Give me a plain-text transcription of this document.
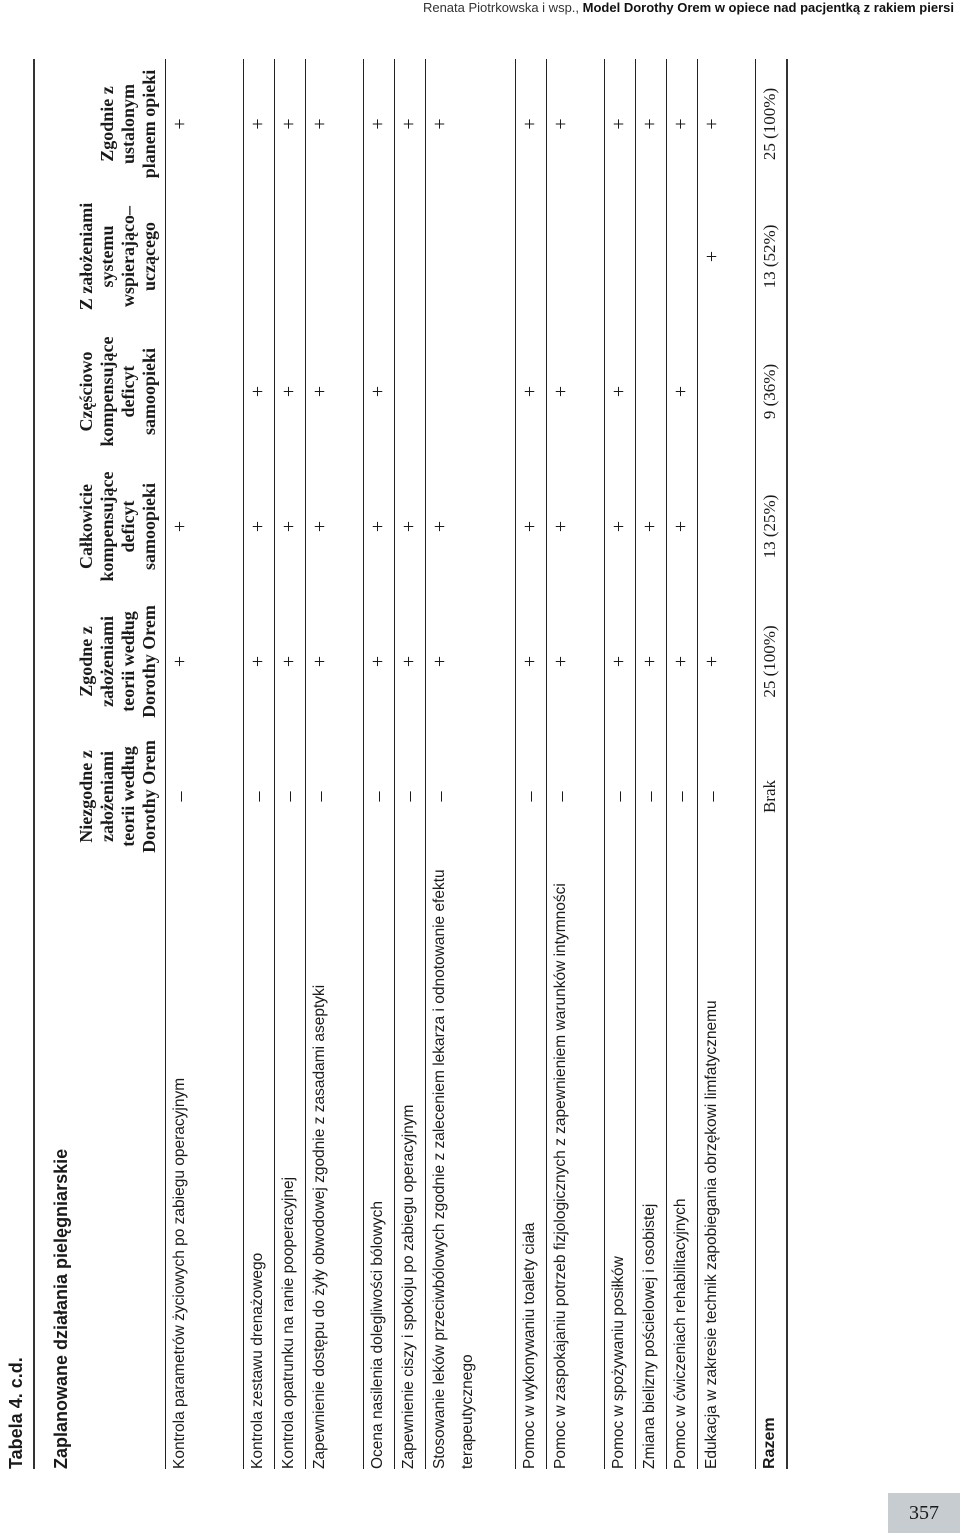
Renata Piotrkowska i wsp., Model Dorothy Orem w opiece nad pacjentką z rakiem piersi
357
Tabela 4. c.d.	Zaplanowane działania pielęgniarskie
Niezgodne z założeniami teorii według Dorothy Orem
Zgodne z założeniami teorii według Dorothy Orem
Całkowicie kompensujące deficyt samoopieki
Częściowo kompensujące deficyt samoopieki
Z założeniami systemu wspierająco–uczącego
Zgodnie z ustalonym planem opieki
Kontrola parametrów życiowych po zabiegu operacyjnym
–
+
+
+
Kontrola zestawu drenażowego
–
+
+
+
+
Kontrola opatrunku na ranie pooperacyjnej
–
+
+
+
+
Zapewnienie dostępu do żyły obwodowej zgodnie z zasadami aseptyki
–
+
+
+
+
Ocena nasilenia dolegliwości bólowych
–
+
+
+
+
Zapewnienie ciszy i spokoju po zabiegu operacyjnym
–
+
+
+
Stosowanie leków przeciwbólowych zgodnie z zaleceniem lekarza i odnotowanie efektu terapeutycznego
–
+
+
+
Pomoc w wykonywaniu toalety ciała
–
+
+
+
+
Pomoc w zaspokajaniu potrzeb fizjologicznych z zapewnieniem warunków intymności
–
+
+
+
+
Pomoc w spożywaniu posiłków
–
+
+
+
+
Zmiana bielizny pościelowej i osobistej
–
+
+
+
Pomoc w ćwiczeniach rehabilitacyjnych
–
+
+
+
+
Edukacja w zakresie technik zapobiegania obrzękowi limfatycznemu
–
+
+
+
Razem
Brak
25 (100%)
13 (25%)
9 (36%)
13 (52%)
25 (100%)
